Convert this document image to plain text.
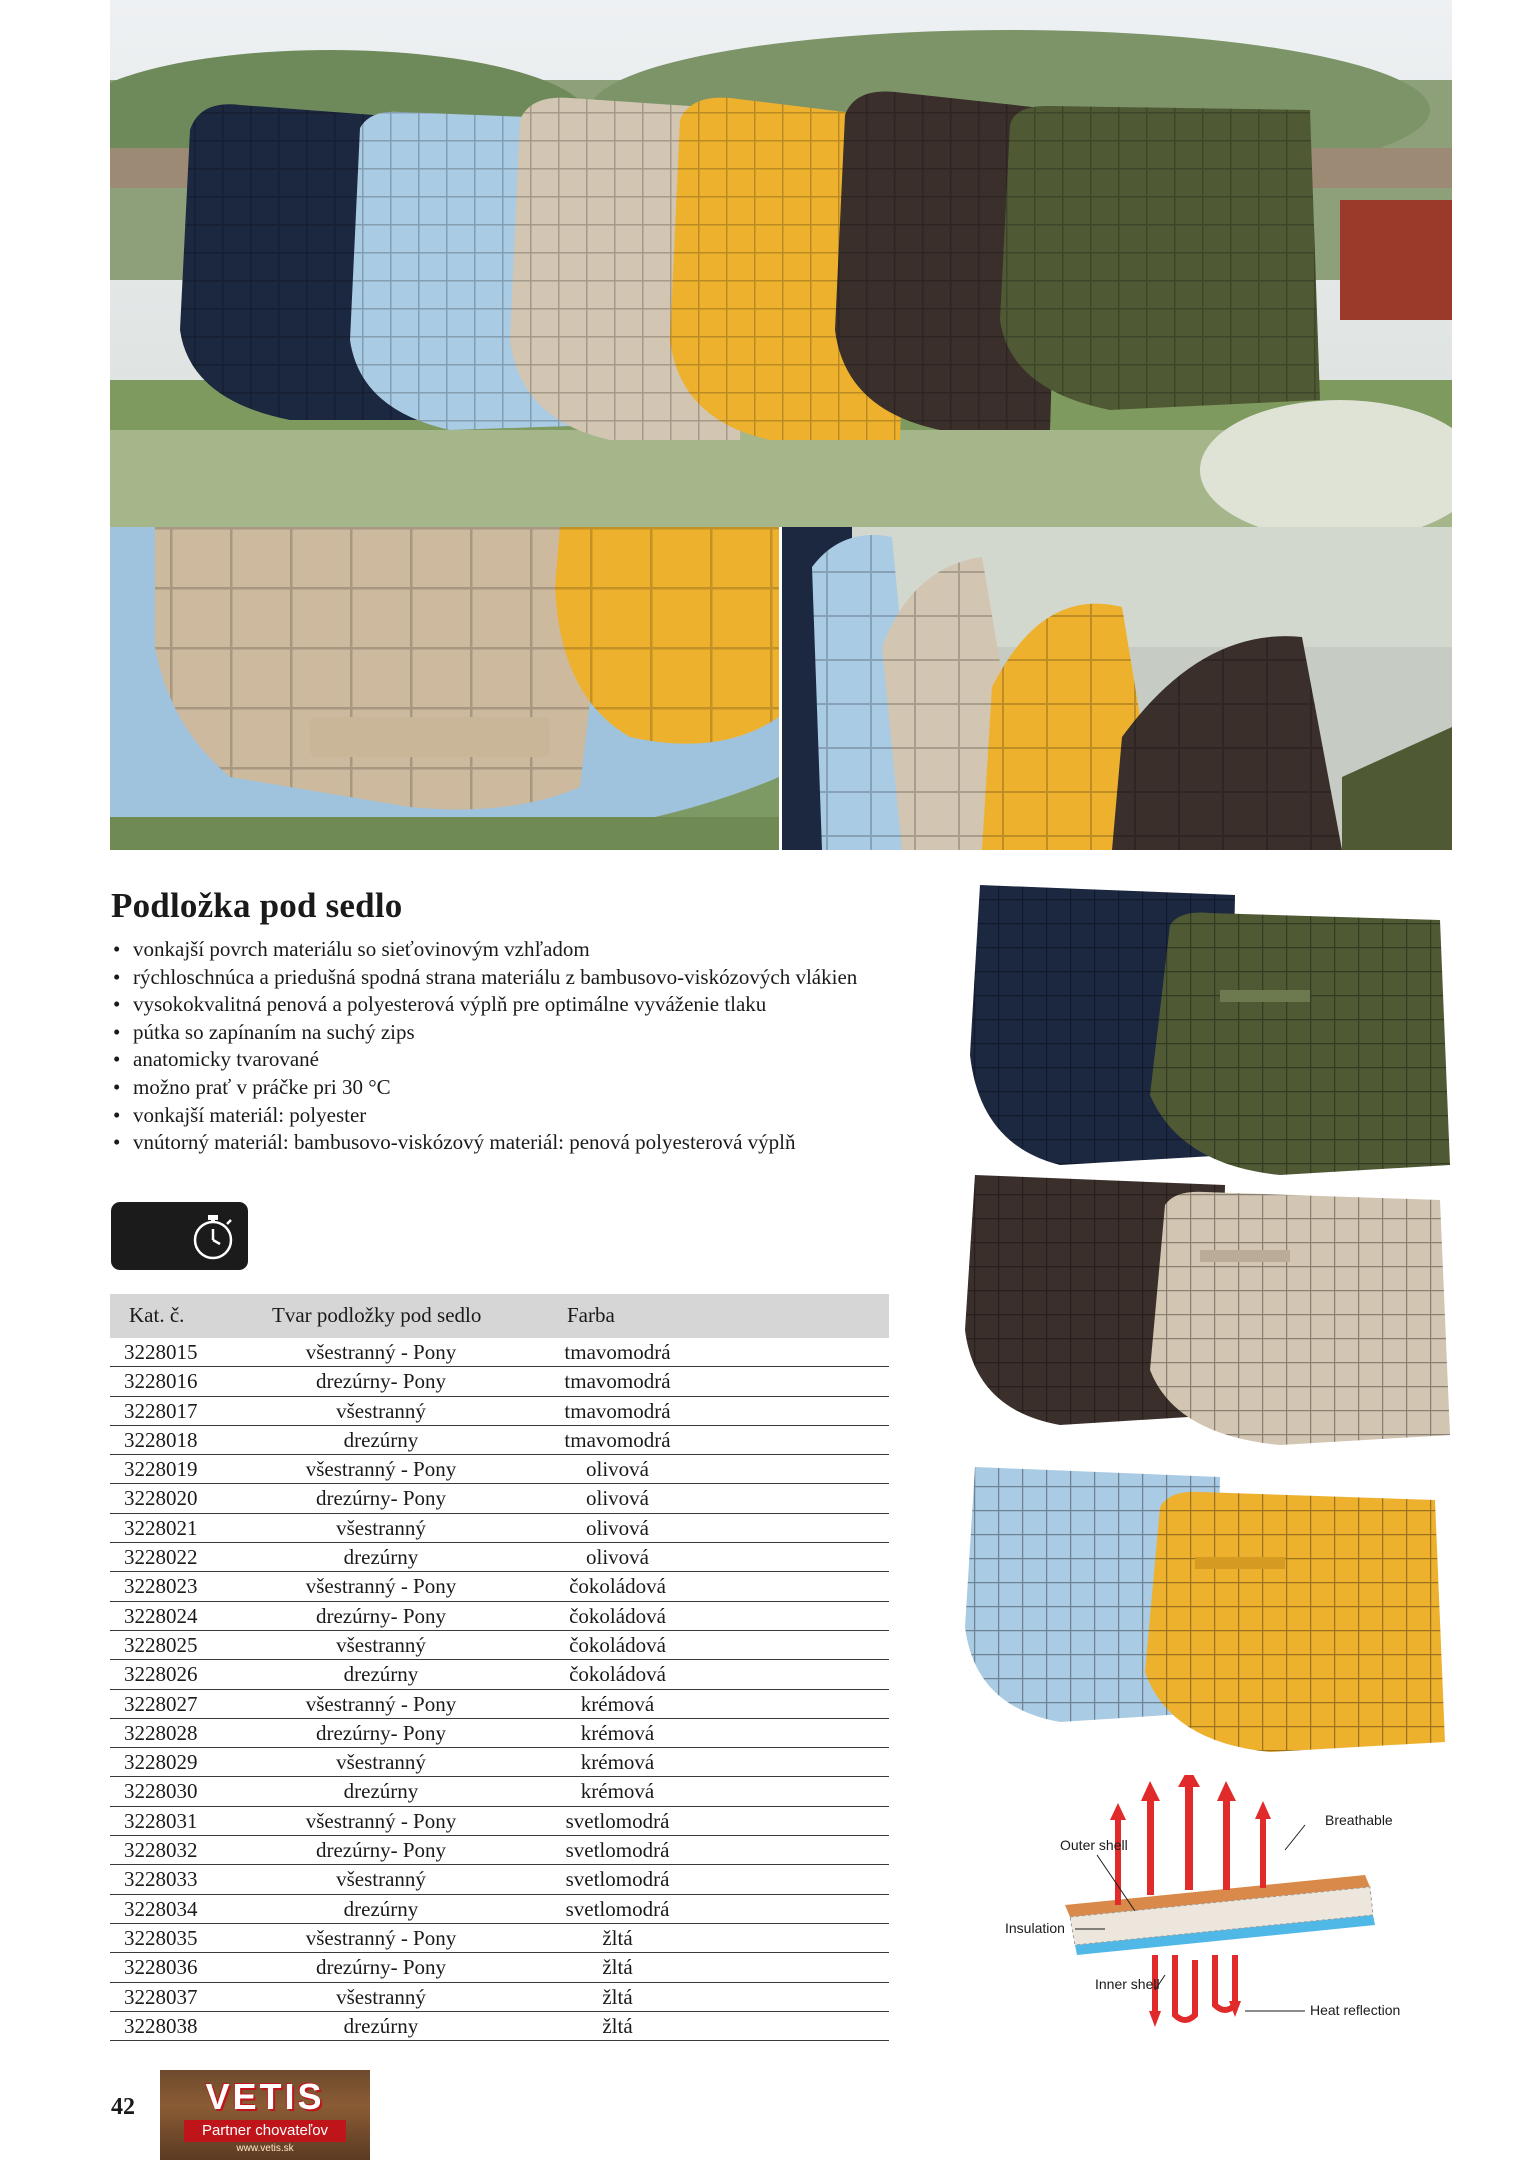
Podložka pod sedlo
• vonkajší povrch materiálu so sieťovinovým vzhľadom
• rýchloschnúca a priedušná spodná strana materiálu z bambusovo-viskózových vlákien
• vysokokvalitná penová a polyesterová výplň pre optimálne vyváženie tlaku
• pútka so zapínaním na suchý zips
• anatomicky tvarované
• možno prať v práčke pri 30 °C
• vonkajší materiál: polyester
• vnútorný materiál: bambusovo-viskózový materiál: penová polyesterová výplň
Kat. č.	Tvar podložky pod sedlo	Farba
3228015	všestranný - Pony	tmavomodrá
3228016	drezúrny- Pony	tmavomodrá
3228017	všestranný	tmavomodrá
3228018	drezúrny	tmavomodrá
3228019	všestranný - Pony	olivová
3228020	drezúrny- Pony	olivová
3228021	všestranný	olivová
3228022	drezúrny	olivová
3228023	všestranný - Pony	čokoládová
3228024	drezúrny- Pony	čokoládová
3228025	všestranný	čokoládová
3228026	drezúrny	čokoládová
3228027	všestranný - Pony	krémová
3228028	drezúrny- Pony	krémová
3228029	všestranný	krémová
3228030	drezúrny	krémová
3228031	všestranný - Pony	svetlomodrá
3228032	drezúrny- Pony	svetlomodrá
3228033	všestranný	svetlomodrá
3228034	drezúrny	svetlomodrá
3228035	všestranný - Pony	žltá
3228036	drezúrny- Pony	žltá
3228037	všestranný	žltá
3228038	drezúrny	žltá
Outer shell
Breathable
Insulation
Inner shell
Heat reflection
42	VETIS
Partner chovateľov
www.vetis.sk
